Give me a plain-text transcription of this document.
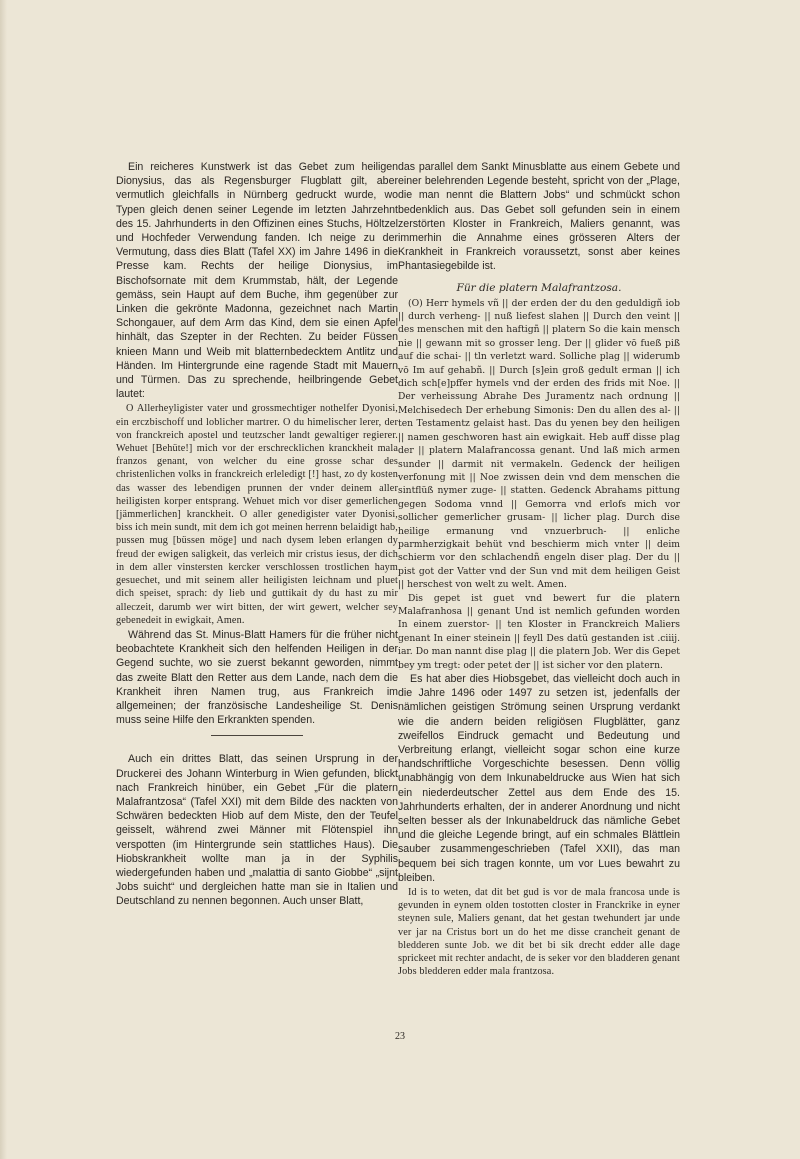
Ein reicheres Kunstwerk ist das Gebet zum heiligen Dionysius, das als Regensburger Flugblatt gilt, aber vermutlich gleichfalls in Nürnberg gedruckt wurde, wo Typen gleich denen seiner Legende im letzten Jahrzehnt des 15. Jahrhunderts in den Offizinen eines Stuchs, Höltzel und Hochfeder Verwendung fanden. Ich neige zu der Vermutung, dass dies Blatt (Tafel XX) im Jahre 1496 in die Presse kam. Rechts der heilige Dionysius, im Bischofsornate mit dem Krummstab, hält, der Legende gemäss, sein Haupt auf dem Buche, ihm gegenüber zur Linken die gekrönte Madonna, gezeichnet nach Martin Schongauer, auf dem Arm das Kind, dem sie einen Apfel hinhält, das Szepter in der Rechten. Zu beider Füssen knieen Mann und Weib mit blatternbedecktem Antlitz und Händen. Im Hintergrunde eine ragende Stadt mit Mauern und Türmen. Das zu sprechende, heilbringende Gebet lautet:

O Allerheyligister vater und grossmechtiger nothelfer Dyonisi, ein erczbischoff und loblicher martrer. O du himelischer lerer, der von franckreich apostel und teutzscher landt gewaltiger regierer. Wehuet [Behüte!] mich vor der erschrecklichen kranckheit mala franzos genant, von welcher du eine grosse schar des christenlichen volks in franckreich erleledigt [!] hast, zo dy kosten das wasser des lebendigen prunnen der vnder deinem aller heiligisten korper entsprang. Wehuet mich vor diser gemerlichen [jämmerlichen] kranckheit. O aller genedigister vater Dyonisi, biss ich mein sundt, mit dem ich got meinen herrenn belaidigt hab, pussen mug [büssen möge] und nach dysem leben erlangen dy freud der ewigen saligkeit, das verleich mir cristus iesus, der dich in dem aller vinstersten kercker verschlossen trostlichen haym gesuechet, und mit seinem aller heiligisten leichnam und pluet dich speiset, sprach: dy lieb und guttikait dy du hast zu mir alleczeit, darumb wer wirt bitten, der wirt gewert, welcher sey gebenedeit in ewigkait, Amen.

Während das St. Minus-Blatt Hamers für die früher nicht beobachtete Krankheit sich den helfenden Heiligen in der Gegend suchte, wo sie zuerst bekannt geworden, nimmt das zweite Blatt den Retter aus dem Lande, nach dem die Krankheit ihren Namen trug, aus Frankreich im allgemeinen; der französische Landesheilige St. Denis muss seine Hilfe den Erkrankten spenden.

Auch ein drittes Blatt, das seinen Ursprung in der Druckerei des Johann Winterburg in Wien gefunden, blickt nach Frankreich hinüber, ein Gebet „Für die platern Malafrantzosa“ (Tafel XXI) mit dem Bilde des nackten von Schwären bedeckten Hiob auf dem Miste, den der Teufel geisselt, während zwei Männer mit Flötenspiel ihn verspotten (im Hintergrunde sein stattliches Haus). Die Hiobskrankheit wollte man ja in der Syphilis wiedergefunden haben und „malattia di santo Giobbe“ „sijnt Jobs suicht“ und dergleichen hatte man sie in Italien und Deutschland zu nennen begonnen. Auch unser Blatt,

das parallel dem Sankt Minusblatte aus einem Gebete und einer belehrenden Legende besteht, spricht von der „Plage, die man nennt die Blattern Jobs“ und schmückt schon bedenklich aus. Das Gebet soll gefunden sein in einem zerstörten Kloster in Frankreich, Maliers genannt, was immerhin die Annahme eines grösseren Alters der Krankheit in Frankreich voraussetzt, sonst aber keines Phantasiegebilde ist.

Für die platern Malafrantzosa.

(O) Herr hymels vñ || der erden der du den geduldigñ iob || durch verheng- || nuß liefest slahen || Durch den veint || des menschen mit den haftigñ || platern So die kain mensch nie || gewann mit so grosser leng. Der || glider vō fueß piß auf die schai- || tln verletzt ward. Solliche plag || widerumb vō Im auf gehabñ. || Durch [s]ein groß gedult erman || ich dich sch[e]pffer hymels vnd der erden des frids mit Noe. || Der verheissung Abrahe Des Juramentz nach ordnung || Melchisedech Der erhebung Simonis: Den du allen des al- || ten Testamentz gelaist hast. Das du yenen bey den heiligen || namen geschworen hast ain ewigkait. Heb auff disse plag der || platern Malafrancossa genant. Und laß mich armen sunder || darmit nit vermakeln. Gedenck der heiligen verfonung mit || Noe zwissen dein vnd dem menschen die sintflüß nymer zuge- || statten. Gedenck Abrahams pittung gegen Sodoma vnnd || Gemorra vnd erlofs mich vor sollicher gemerlicher grusam- || licher plag. Durch dise heilige ermanung vnd vnzuerbruch- || enliche parmherzigkait behüt vnd beschierm mich vnter || deim schierm vor den schlachendñ engeln diser plag. Der du || pist got der Vatter vnd der Sun vnd mit dem heiligen Geist || herschest von welt zu welt. Amen.

Dis gepet ist guet vnd bewert fur die platern Malafranhosa || genant Und ist nemlich gefunden worden In einem zuerstor- || ten Kloster in Franckreich Maliers genant In einer steinein || feyll Des datü gestanden ist .ciiij. iar. Do man nannt dise plag || die platern Job. Wer dis Gepet bey ym tregt: oder petet der || ist sicher vor den platern.

Es hat aber dies Hiobsgebet, das vielleicht doch auch in die Jahre 1496 oder 1497 zu setzen ist, jedenfalls der nämlichen geistigen Strömung seinen Ursprung verdankt wie die andern beiden religiösen Flugblätter, ganz zweifellos Eindruck gemacht und Bedeutung und Verbreitung erlangt, vielleicht sogar schon eine kurze handschriftliche Vorgeschichte besessen. Denn völlig unabhängig von dem Inkunabeldrucke aus Wien hat sich ein niederdeutscher Zettel aus dem Ende des 15. Jahrhunderts erhalten, der in anderer Anordnung und nicht selten besser als der Inkunabeldruck das nämliche Gebet und die gleiche Legende bringt, auf ein schmales Blättlein sauber zusammengeschrieben (Tafel XXII), das man bequem bei sich tragen konnte, um vor Lues bewahrt zu bleiben.

Id is to weten, dat dit bet gud is vor de mala francosa unde is gevunden in eynem olden tostotten closter in Franckrike in eyner steynen sule, Maliers genant, dat het gestan twehundert jar unde ver jar na Cristus bort un do het me disse crancheit genant de bledderen sunte Job. we dit bet bi sik drecht edder alle dage sprickeet mit rechter andacht, de is seker vor den bladderen genant Jobs bledderen edder mala frantzosa.

23
